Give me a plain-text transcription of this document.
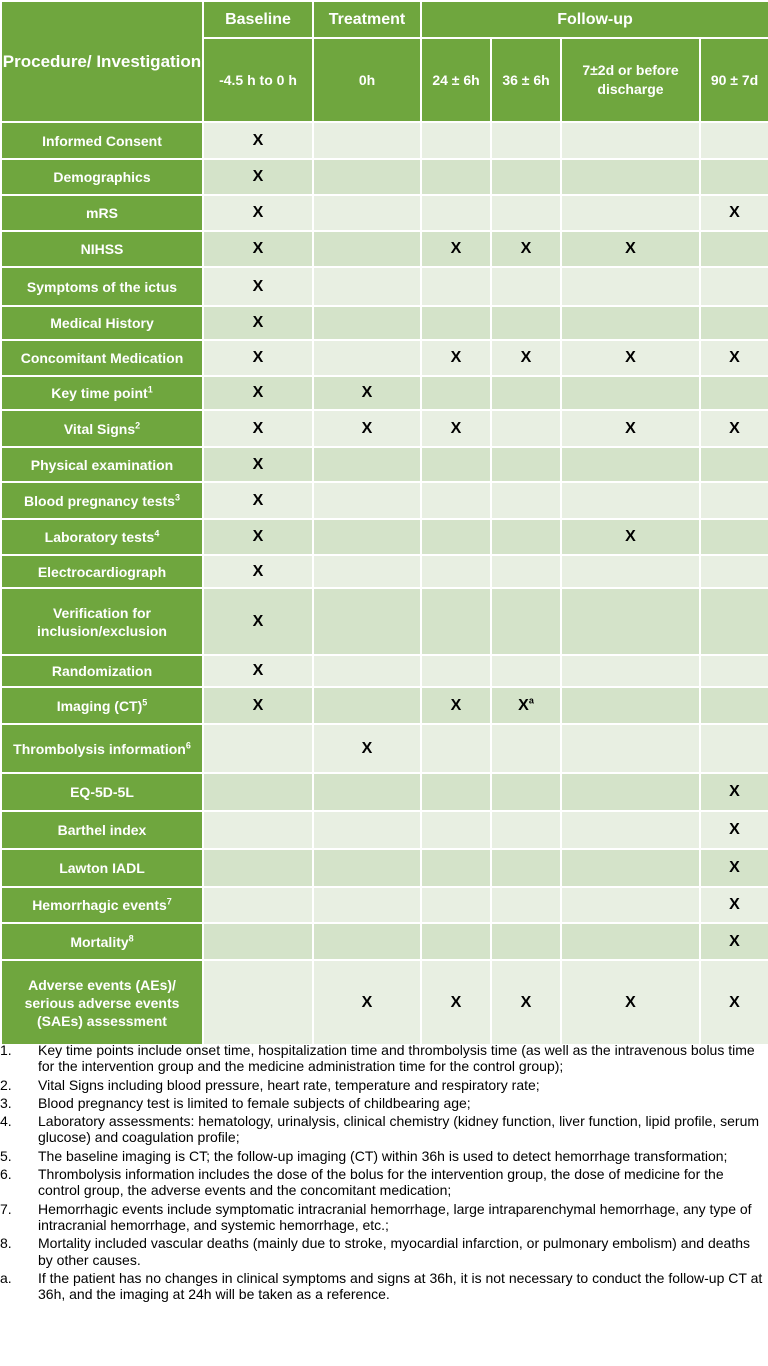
Procedure/ Investigation	Baseline	Treatment	Follow-up			
	-4.5 h to 0 h	0h	24 ± 6h	36 ± 6h	7±2d or before discharge	90 ± 7d
Informed Consent	X					
Demographics	X					
mRS	X					X
NIHSS	X		X	X	X	
Symptoms of the ictus	X					
Medical History	X					
Concomitant Medication	X		X	X	X	X
Key time point$^1$	X	X				
Vital Signs$^2$	X	X	X		X	X
Physical examination	X					
Blood pregnancy tests$^3$	X					
Laboratory tests$^4$	X				X	
Electrocardiograph	X					
Verification for inclusion/exclusion	X					
Randomization	X					
Imaging (CT)$^5$	X		X	$X^a$		
Thrombolysis information$^6$		X				
EQ-5D-5L						X
Barthel index						X
Lawton IADL						X
Hemorrhagic events$^7$						X
Mortality$^8$						X
Adverse events (AEs)/ serious adverse events (SAEs) assessment		X	X	X	X	X
1.	Key time points include onset time, hospitalization time and thrombolysis time (as well as the intravenous bolus time for the intervention group and the medicine administration time for the control group);
2.	Vital Signs including blood pressure, heart rate, temperature and respiratory rate;
3.	Blood pregnancy test is limited to female subjects of childbearing age;
4.	Laboratory assessments: hematology, urinalysis, clinical chemistry (kidney function, liver function, lipid profile, serum glucose) and coagulation profile;
5.	The baseline imaging is CT; the follow-up imaging (CT) within 36h is used to detect hemorrhage transformation;
6.	Thrombolysis information includes the dose of the bolus for the intervention group, the dose of medicine for the control group, the adverse events and the concomitant medication;
7.	Hemorrhagic events include symptomatic intracranial hemorrhage, large intraparenchymal hemorrhage, any type of intracranial hemorrhage, and systemic hemorrhage, etc.;
8.	Mortality included vascular deaths (mainly due to stroke, myocardial infarction, or pulmonary embolism) and deaths by other causes.
a.	If the patient has no changes in clinical symptoms and signs at 36h, it is not necessary to conduct the follow-up CT at 36h, and the imaging at 24h will be taken as a reference.
